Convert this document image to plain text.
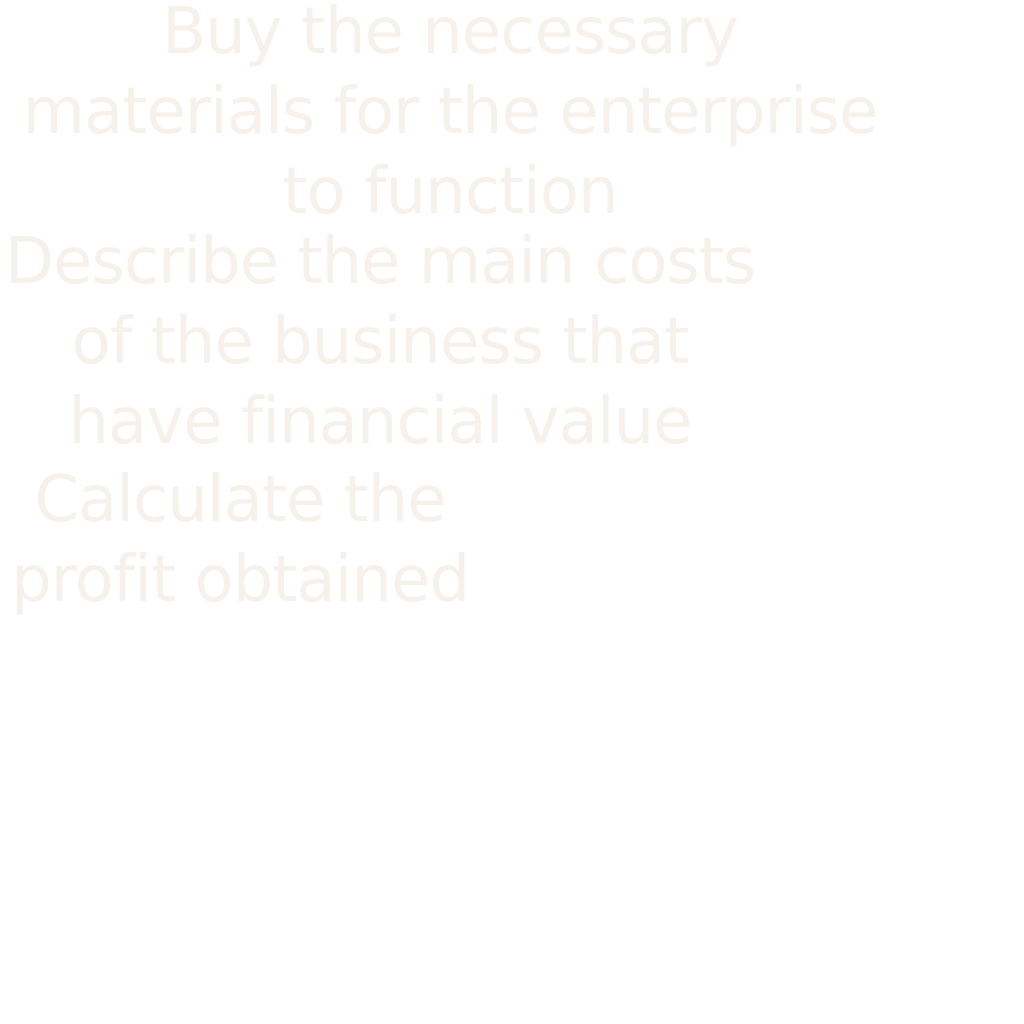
Buy the necessary
materials for the enterprise
to function
Describe the main costs
of the business that
have financial value
Calculate the
profit obtained
